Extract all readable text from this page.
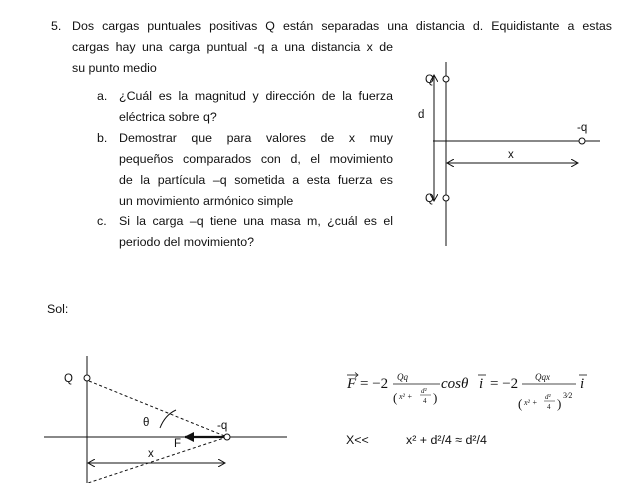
5. Dos cargas puntuales positivas Q están separadas una distancia d. Equidistante a estas
cargas hay una carga puntual -q a una distancia x de
su punto medio
a. ¿Cuál es la magnitud y dirección de la fuerza
eléctrica sobre q?
b. Demostrar que para valores de x muy
pequeños comparados con d, el movimiento
de la partícula –q sometida a esta fuerza es
un movimiento armónico simple
c. Si la carga –q tiene una masa m, ¿cuál es el
periodo del movimiento?
Q
Q
d
-q
x
Q
θ	-q
F
x
F = −2 Qq
( x² +
d²
4 )
cosθ i = −2 Qqx
( x² +
d²
4 )
3⁄2
i
Sol:
X<<	x² + d²/4 ≈ d²/4
